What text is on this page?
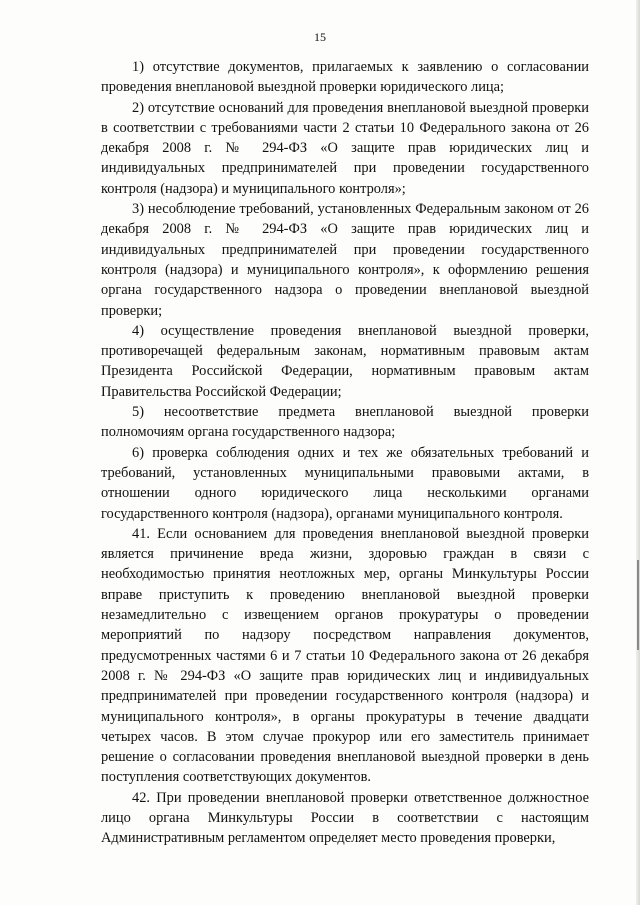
15

1) отсутствие документов, прилагаемых к заявлению о согласовании проведения внеплановой выездной проверки юридического лица;

2) отсутствие оснований для проведения внеплановой выездной проверки в соответствии с требованиями части 2 статьи 10 Федерального закона от 26 декабря 2008 г. № 294-ФЗ «О защите прав юридических лиц и индивидуальных предпринимателей при проведении государственного контроля (надзора) и муниципального контроля»;

3) несоблюдение требований, установленных Федеральным законом от 26 декабря 2008 г. № 294-ФЗ «О защите прав юридических лиц и индивидуальных предпринимателей при проведении государственного контроля (надзора) и муниципального контроля», к оформлению решения органа государственного надзора о проведении внеплановой выездной проверки;

4) осуществление проведения внеплановой выездной проверки, противоречащей федеральным законам, нормативным правовым актам Президента Российской Федерации, нормативным правовым актам Правительства Российской Федерации;

5) несоответствие предмета внеплановой выездной проверки полномочиям органа государственного надзора;

6) проверка соблюдения одних и тех же обязательных требований и требований, установленных муниципальными правовыми актами, в отношении одного юридического лица несколькими органами государственного контроля (надзора), органами муниципального контроля.

41. Если основанием для проведения внеплановой выездной проверки является причинение вреда жизни, здоровью граждан в связи с необходимостью принятия неотложных мер, органы Минкультуры России вправе приступить к проведению внеплановой выездной проверки незамедлительно с извещением органов прокуратуры о проведении мероприятий по надзору посредством направления документов, предусмотренных частями 6 и 7 статьи 10 Федерального закона от 26 декабря 2008 г. № 294-ФЗ «О защите прав юридических лиц и индивидуальных предпринимателей при проведении государственного контроля (надзора) и муниципального контроля», в органы прокуратуры в течение двадцати четырех часов. В этом случае прокурор или его заместитель принимает решение о согласовании проведения внеплановой выездной проверки в день поступления соответствующих документов.

42. При проведении внеплановой проверки ответственное должностное лицо органа Минкультуры России в соответствии с настоящим Административным регламентом определяет место проведения проверки,
